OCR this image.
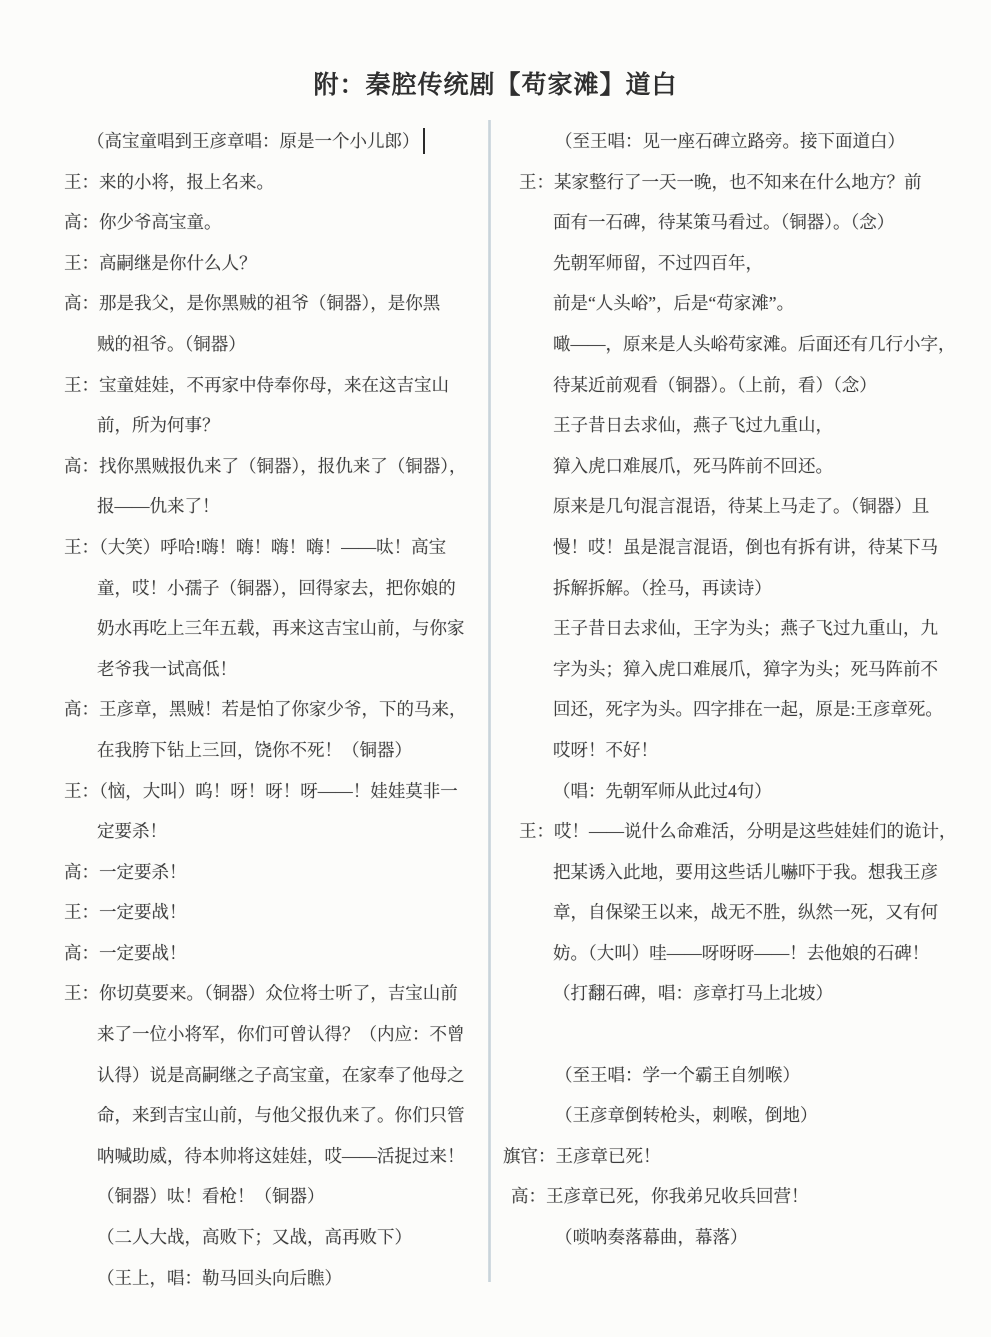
附：秦腔传统剧【苟家滩】道白
（高宝童唱到王彦章唱：原是一个小儿郎）
王：来的小将，报上名来。
高：你少爷高宝童。
王：高嗣继是你什么人？
高：那是我父，是你黑贼的祖爷（铜器），是你黑
贼的祖爷。（铜器）
王：宝童娃娃，不再家中侍奉你母，来在这吉宝山
前，所为何事？
高：找你黑贼报仇来了（铜器），报仇来了（铜器），
报——仇来了！
王：（大笑）呼哈!嗨！嗨！嗨！嗨！——呔！高宝
童，哎！小孺子（铜器），回得家去，把你娘的
奶水再吃上三年五载，再来这吉宝山前，与你家
老爷我一试高低！
高：王彦章，黑贼！若是怕了你家少爷，下的马来，
在我胯下钻上三回，饶你不死！（铜器）
王：（恼，大叫）呜！呀！呀！呀——！娃娃莫非一
定要杀！
高：一定要杀！
王：一定要战！
高：一定要战！
王：你切莫要来。（铜器）众位将士听了，吉宝山前
来了一位小将军，你们可曾认得？（内应：不曾
认得）说是高嗣继之子高宝童，在家奉了他母之
命，来到吉宝山前，与他父报仇来了。你们只管
呐喊助威，待本帅将这娃娃，哎——活捉过来！
（铜器）呔！看枪！（铜器）
（二人大战，高败下；又战，高再败下）
（王上，唱：勒马回头向后瞧）
（至王唱：见一座石碑立路旁。接下面道白）
王：某家整行了一天一晚，也不知来在什么地方？前
面有一石碑，待某策马看过。（铜器）。（念）
先朝军师留，不过四百年，
前是“人头峪”，后是“苟家滩”。
噉——，原来是人头峪苟家滩。后面还有几行小字，
待某近前观看（铜器）。（上前，看）（念）
王子昔日去求仙，燕子飞过九重山，
獐入虎口难展爪，死马阵前不回还。
原来是几句混言混语，待某上马走了。（铜器）且
慢！哎！虽是混言混语，倒也有拆有讲，待某下马
拆解拆解。（拴马，再读诗）
王子昔日去求仙，王字为头；燕子飞过九重山，九
字为头；獐入虎口难展爪，獐字为头；死马阵前不
回还，死字为头。四字排在一起，原是:王彦章死。
哎呀！不好！
（唱：先朝军师从此过4句）
王：哎！——说什么命难活，分明是这些娃娃们的诡计，
把某诱入此地，要用这些话儿嚇吓于我。想我王彦
章，自保梁王以来，战无不胜，纵然一死，又有何
妨。（大叫）哇——呀呀呀——！去他娘的石碑！
（打翻石碑，唱：彦章打马上北坡）
（至王唱：学一个霸王自刎喉）
（王彦章倒转枪头，刺喉，倒地）
旗官：王彦章已死！
高：王彦章已死，你我弟兄收兵回营！
（唢呐奏落幕曲，幕落）
